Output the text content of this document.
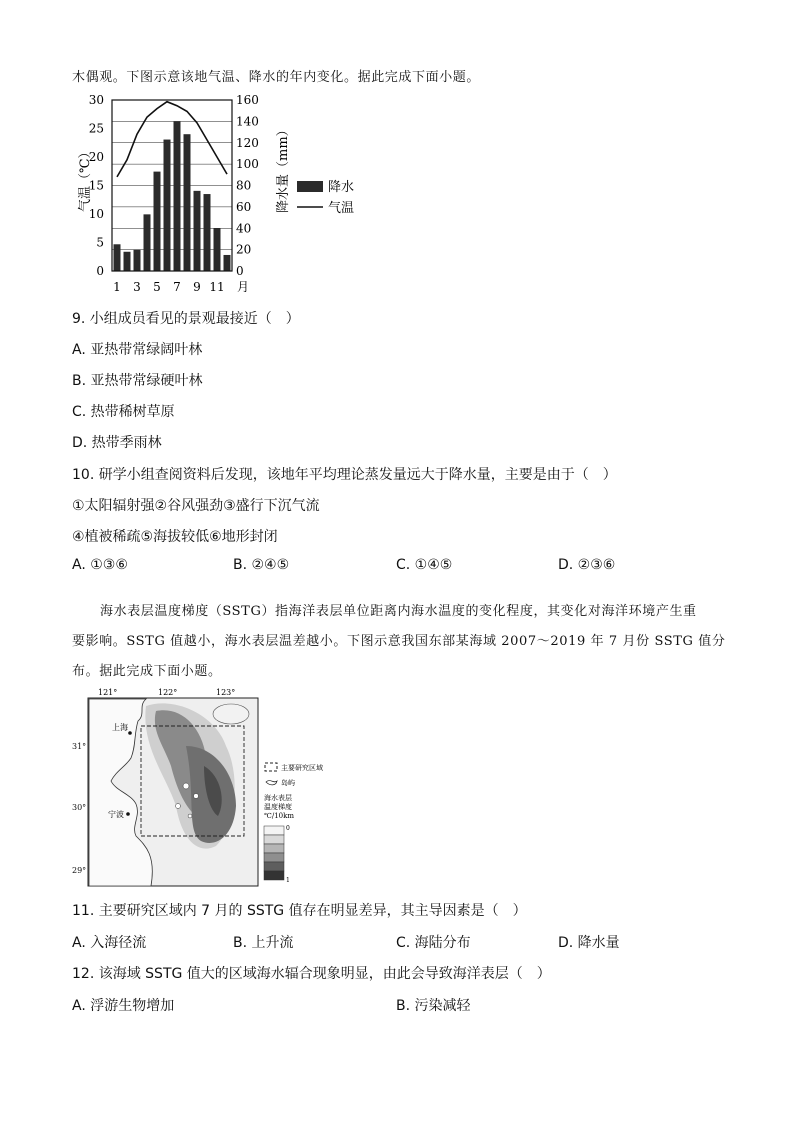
木偶观。下图示意该地气温、降水的年内变化。据此完成下面小题。
30
25
20
15
10
5
0
160
140
120
100
80
60
40
20
0
1 3 5 7 9 11 月
气温（℃）	降水量（mm）	降水
气温
9. 小组成员看见的景观最接近（　）
A. 亚热带常绿阔叶林
B. 亚热带常绿硬叶林
C. 热带稀树草原
D. 热带季雨林
10. 研学小组查阅资料后发现，该地年平均理论蒸发量远大于降水量，主要是由于（　）
①太阳辐射强②谷风强劲③盛行下沉气流
④植被稀疏⑤海拔较低⑥地形封闭
A. ①③⑥	B. ②④⑤	C. ①④⑤	D. ②③⑥
海水表层温度梯度（SSTG）指海洋表层单位距离内海水温度的变化程度，其变化对海洋环境产生重
要影响。SSTG 值越小，海水表层温差越小。下图示意我国东部某海域 2007～2019 年 7 月份 SSTG 值分
布。据此完成下面小题。
121°	122°	123°
上海
宁波
31°
30°
29°
主要研究区域
岛屿
海水表层
温度梯度
℃/10km
0
1
11. 主要研究区域内 7 月的 SSTG 值存在明显差异，其主导因素是（　）
A. 入海径流	B. 上升流	C. 海陆分布	D. 降水量
12. 该海域 SSTG 值大的区域海水辐合现象明显，由此会导致海洋表层（　）
A. 浮游生物增加	B. 污染减轻
